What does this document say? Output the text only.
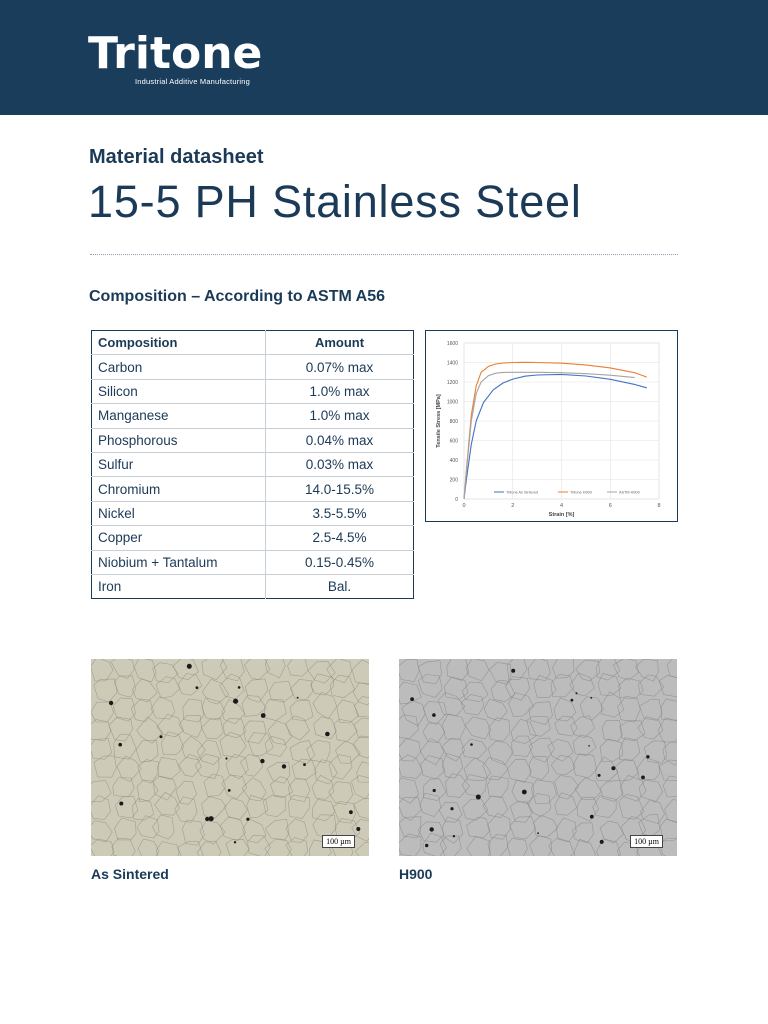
Tritone
Industrial Additive Manufacturing
Material datasheet
15-5 PH Stainless Steel
Composition – According to ASTM A56
Composition	Amount
Carbon	0.07% max
Silicon	1.0% max
Manganese	1.0% max
Phosphorous	0.04% max
Sulfur	0.03% max
Chromium	14.0-15.5%
Nickel	3.5-5.5%
Copper	2.5-4.5%
Niobium + Tantalum	0.15-0.45%
Iron	Bal.
0
200
400
600
800
1000
1200
1400
1600
0	2	4	6	8
Strain [%]
Tensile Stress [MPa]
Tritone As Sintered	Tritone H900	ASTM H900
100 µm	100 µm
As Sintered	H900
